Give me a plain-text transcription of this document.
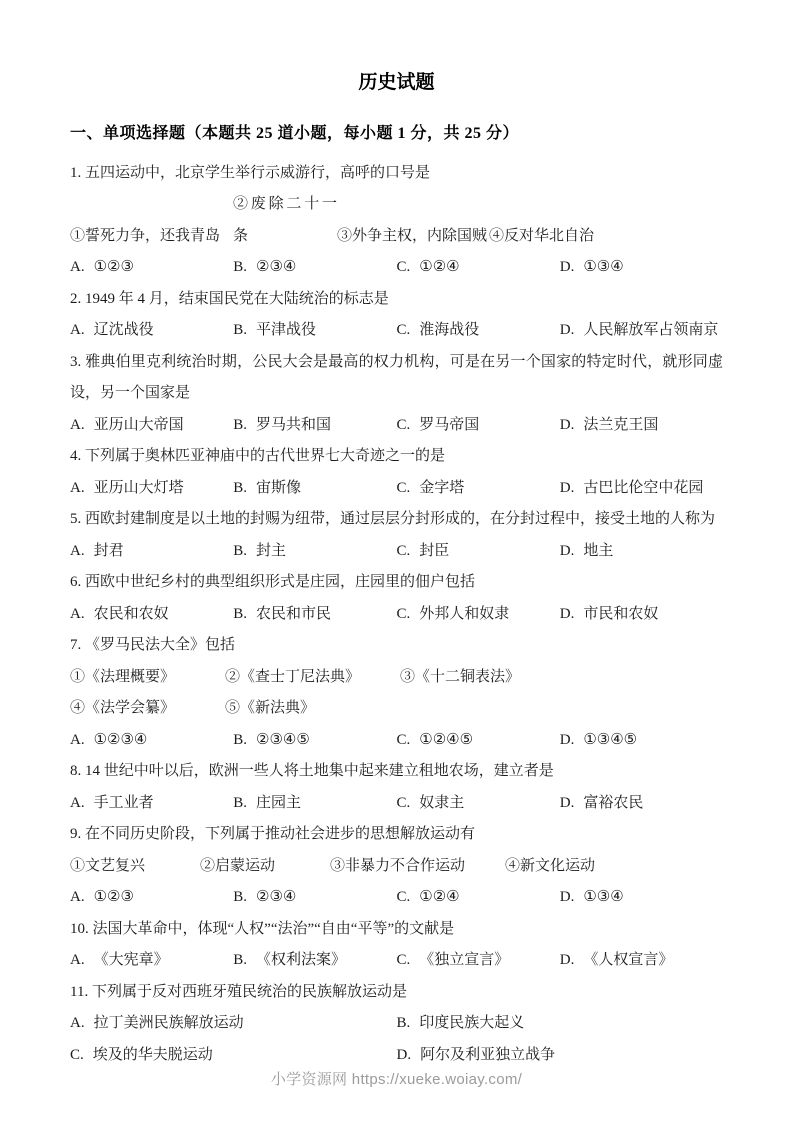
历史试题
一、单项选择题（本题共 25 道小题，每小题 1 分，共 25 分）

1. 五四运动中，北京学生举行示威游行，高呼的口号是

①誓死力争，还我青岛②废除二十一条	③外争主权，内除国贼 ④反对华北自治

A. ①②③	B. ②③④	C. ①②④	D. ①③④

2. 1949 年 4 月，结束国民党在大陆统治的标志是

A. 辽沈战役	B. 平津战役	C. 淮海战役	D. 人民解放军占领南京

3. 雅典伯里克利统治时期，公民大会是最高的权力机构，可是在另一个国家的特定时代，就形同虚设，另一个国家是

A. 亚历山大帝国	B. 罗马共和国	C. 罗马帝国	D. 法兰克王国

4. 下列属于奥林匹亚神庙中的古代世界七大奇迹之一的是

A. 亚历山大灯塔	B. 宙斯像	C. 金字塔	D. 古巴比伦空中花园

5. 西欧封建制度是以土地的封赐为纽带，通过层层分封形成的，在分封过程中，接受土地的人称为

A. 封君	B. 封主	C. 封臣	D. 地主

6. 西欧中世纪乡村的典型组织形式是庄园，庄园里的佃户包括

A. 农民和农奴	B. 农民和市民	C. 外邦人和奴隶	D. 市民和农奴

7. 《罗马民法大全》包括

①《法理概要》	②《查士丁尼法典》	③《十二铜表法》

④《法学会纂》	⑤《新法典》

A. ①②③④	B. ②③④⑤	C. ①②④⑤	D. ①③④⑤

8. 14 世纪中叶以后，欧洲一些人将土地集中起来建立租地农场，建立者是

A. 手工业者	B. 庄园主	C. 奴隶主	D. 富裕农民

9. 在不同历史阶段，下列属于推动社会进步的思想解放运动有

①文艺复兴	②启蒙运动	③非暴力不合作运动	④新文化运动

A. ①②③	B. ②③④	C. ①②④	D. ①③④

10. 法国大革命中，体现“人权”“法治”“自由“平等”的文献是

A. 《大宪章》	B. 《权利法案》	C. 《独立宣言》	D. 《人权宣言》

11. 下列属于反对西班牙殖民统治的民族解放运动是

A. 拉丁美洲民族解放运动	B. 印度民族大起义
C. 埃及的华夫脱运动	D. 阿尔及利亚独立战争
小学资源网 https://xueke.woiay.com/
